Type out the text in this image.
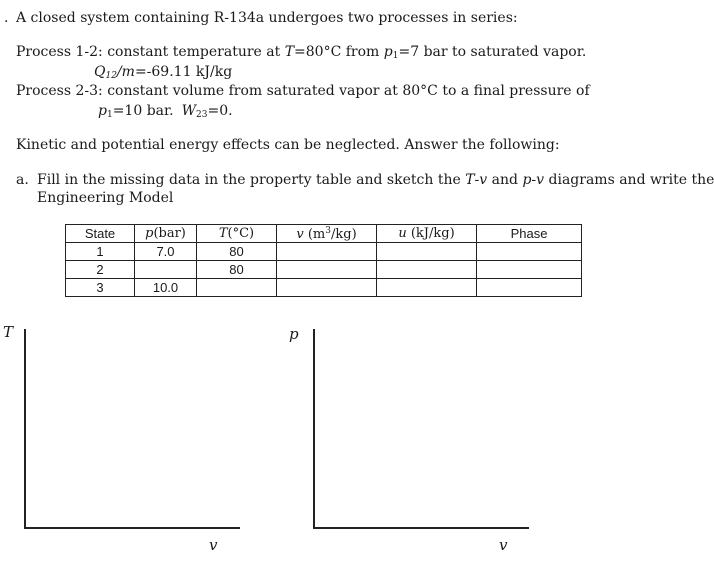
. A closed system containing R-134a undergoes two processes in series:
Process 1-2: constant temperature at T=80°C from $p_1=7$ bar to saturated vapor.
$Q_{12}/m=-69.11$ kJ/kg
Process 2-3: constant volume from saturated vapor at 80°C to a final pressure of
$p_1=10$ bar. $W_{23}=0$.
Kinetic and potential energy effects can be neglected. Answer the following:
a. Fill in the missing data in the property table and sketch the T-v and p-v diagrams and write the
Engineering Model
State	p(bar)	T(°C)	v $(m^3/kg)$	u (kJ/kg)	Phase
1	7.0	80			
2		80			
3	10.0				
T
v
p
v
